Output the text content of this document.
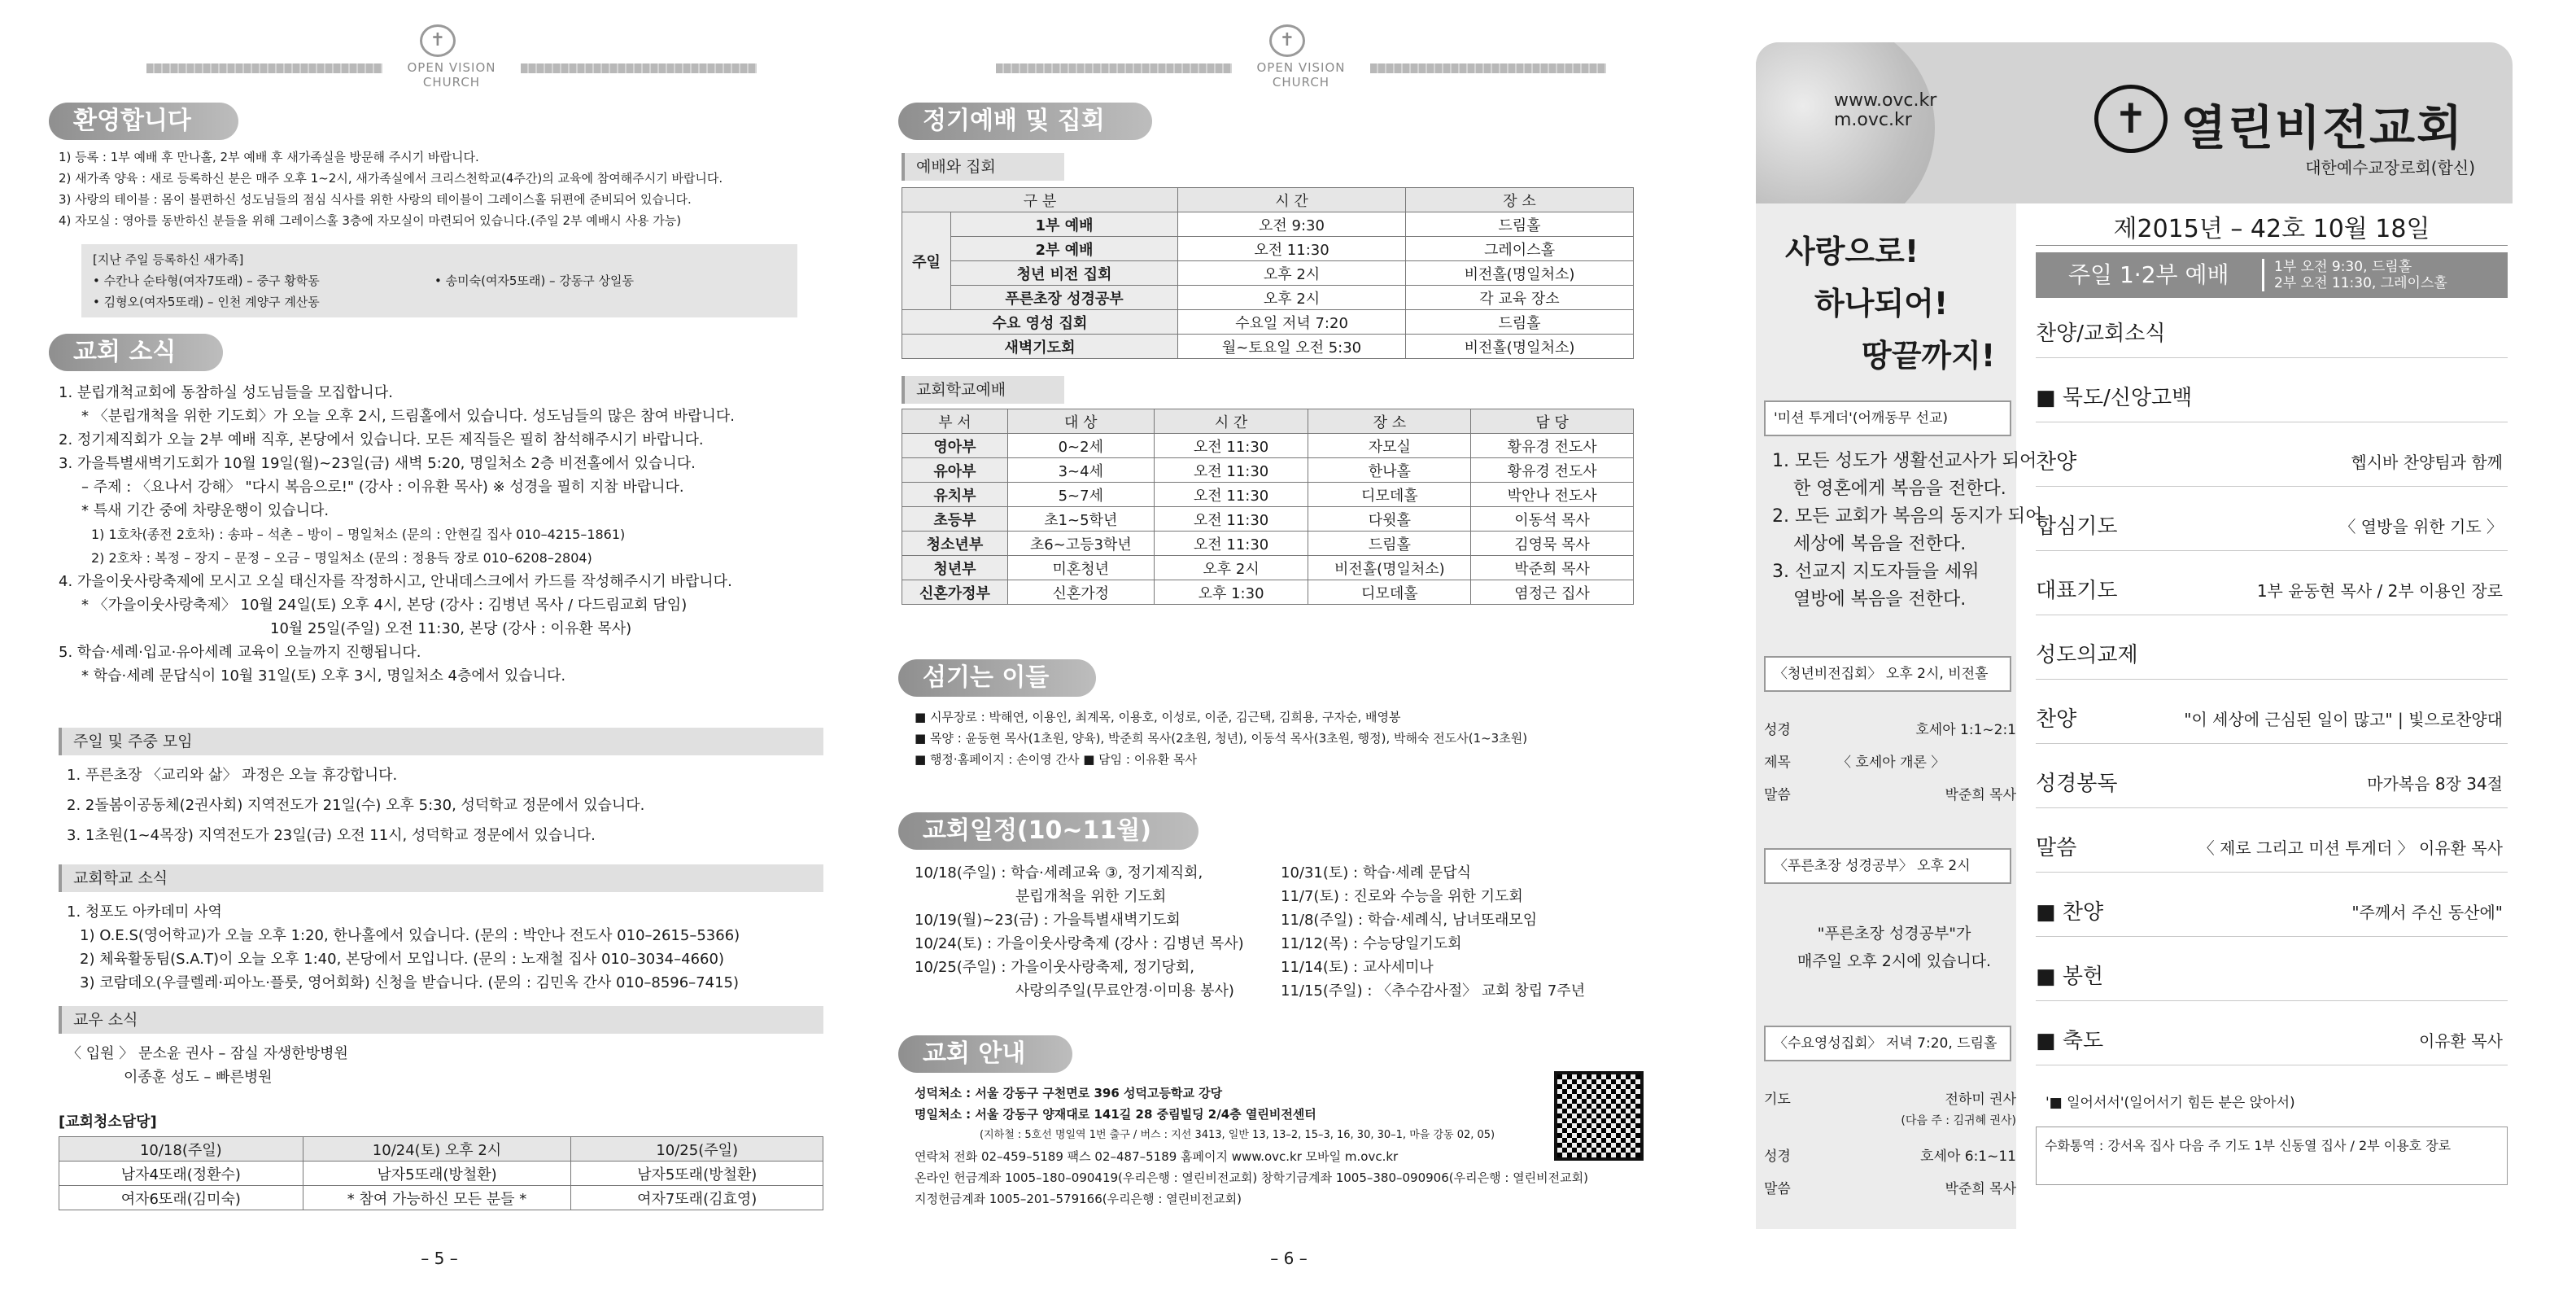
✝
OPEN VISION CHURCH
환영합니다
1) 등록 : 1부 예배 후 만나홀, 2부 예배 후 새가족실을 방문해 주시기 바랍니다.
2) 새가족 양육 : 새로 등록하신 분은 매주 오후 1~2시, 새가족실에서 크리스천학교(4주간)의 교육에 참여해주시기 바랍니다.
3) 사랑의 테이블 : 몸이 불편하신 성도님들의 점심 식사를 위한 사랑의 테이블이 그레이스홀 뒤편에 준비되어 있습니다.
4) 자모실 : 영아를 동반하신 분들을 위해 그레이스홀 3층에 자모실이 마련되어 있습니다.(주일 2부 예배시 사용 가능)
[지난 주일 등록하신 새가족]
• 수칸나 순타형(여자7또래) – 중구 황학동	• 송미숙(여자5또래) – 강동구 상일동
• 김형오(여자5또래) – 인천 계양구 계산동
교회 소식
1. 분립개척교회에 동참하실 성도님들을 모집합니다.
* 〈분립개척을 위한 기도회〉가 오늘 오후 2시, 드림홀에서 있습니다. 성도님들의 많은 참여 바랍니다.
2. 정기제직회가 오늘 2부 예배 직후, 본당에서 있습니다. 모든 제직들은 필히 참석해주시기 바랍니다.
3. 가을특별새벽기도회가 10월 19일(월)~23일(금) 새벽 5:20, 명일처소 2층 비전홀에서 있습니다.
– 주제 : 〈요나서 강해〉 "다시 복음으로!" (강사 : 이유환 목사) ※ 성경을 필히 지참 바랍니다.
* 특새 기간 중에 차량운행이 있습니다.
1) 1호차(종전 2호차) : 송파 – 석촌 – 방이 – 명일처소 (문의 : 안현길 집사 010–4215–1861)
2) 2호차 : 복정 – 장지 – 문정 – 오금 – 명일처소 (문의 : 정용득 장로 010–6208–2804)
4. 가을이웃사랑축제에 모시고 오실 태신자를 작정하시고, 안내데스크에서 카드를 작성해주시기 바랍니다.
* 〈가을이웃사랑축제〉 10월 24일(토) 오후 4시, 본당 (강사 : 김병년 목사 / 다드림교회 담임)
10월 25일(주일) 오전 11:30, 본당 (강사 : 이유환 목사)
5. 학습·세례·입교·유아세례 교육이 오늘까지 진행됩니다.
* 학습·세례 문답식이 10월 31일(토) 오후 3시, 명일처소 4층에서 있습니다.
주일 및 주중 모임
1. 푸른초장 〈교리와 삶〉 과정은 오늘 휴강합니다.
2. 2돌봄이공동체(2권사회) 지역전도가 21일(수) 오후 5:30, 성덕학교 정문에서 있습니다.
3. 1초원(1~4목장) 지역전도가 23일(금) 오전 11시, 성덕학교 정문에서 있습니다.
교회학교 소식
1. 청포도 아카데미 사역
1) O.E.S(영어학교)가 오늘 오후 1:20, 한나홀에서 있습니다. (문의 : 박안나 전도사 010–2615–5366)
2) 체육활동팀(S.A.T)이 오늘 오후 1:40, 본당에서 모입니다. (문의 : 노재철 집사 010–3034–4660)
3) 코람데오(우클렐레·피아노·플룻, 영어회화) 신청을 받습니다. (문의 : 김민옥 간사 010–8596–7415)
교우 소식
〈 입원 〉 문소윤 권사 – 잠실 자생한방병원
이종훈 성도 – 빠른병원
[교회청소담당]
10/18(주일)	10/24(토) 오후 2시	10/25(주일)
남자4또래(정환수)	남자5또래(방철환)	남자5또래(방철환)
여자6또래(김미숙)	* 참여 가능하신 모든 분들 *	여자7또래(김효영)
– 5 –
✝
OPEN VISION CHURCH
정기예배 및 집회
예배와 집회
구 분		시 간	장 소
주일	1부 예배	오전 9:30	드림홀
	2부 예배	오전 11:30	그레이스홀
	청년 비전 집회	오후 2시	비전홀(명일처소)
	푸른초장 성경공부	오후 2시	각 교육 장소
수요 영성 집회		수요일 저녁 7:20	드림홀
새벽기도회		월~토요일 오전 5:30	비전홀(명일처소)
교회학교예배
부 서	대 상	시 간	장 소	담 당
영아부	0~2세	오전 11:30	자모실	황유경 전도사
유아부	3~4세	오전 11:30	한나홀	황유경 전도사
유치부	5~7세	오전 11:30	디모데홀	박안나 전도사
초등부	초1~5학년	오전 11:30	다윗홀	이동석 목사
청소년부	초6~고등3학년	오전 11:30	드림홀	김영묵 목사
청년부	미혼청년	오후 2시	비전홀(명일처소)	박준희 목사
신혼가정부	신혼가정	오후 1:30	디모데홀	염정근 집사
섬기는 이들
■ 시무장로 : 박해연, 이용인, 최계목, 이용호, 이성로, 이준, 김근택, 김희용, 구자순, 배영봉
■ 목양 : 윤동현 목사(1초원, 양육), 박준희 목사(2초원, 청년), 이동석 목사(3초원, 행정), 박해숙 전도사(1~3초원)
■ 행정·홈페이지 : 손이영 간사 ■ 담임 : 이유환 목사
교회일정(10~11월)
10/18(주일) : 학습·세례교육 ③, 정기제직회,
분립개척을 위한 기도회
10/19(월)~23(금) : 가을특별새벽기도회
10/24(토) : 가을이웃사랑축제 (강사 : 김병년 목사)
10/25(주일) : 가을이웃사랑축제, 정기당회,
사랑의주일(무료안경·이미용 봉사)
10/31(토) : 학습·세례 문답식
11/7(토) : 진로와 수능을 위한 기도회
11/8(주일) : 학습·세례식, 남녀또래모임
11/12(목) : 수능당일기도회
11/14(토) : 교사세미나
11/15(주일) : 〈추수감사절〉 교회 창립 7주년
교회 안내
성덕처소 : 서울 강동구 구천면로 396 성덕고등학교 강당
명일처소 : 서울 강동구 양재대로 141길 28 중림빌딩 2/4층 열린비전센터
(지하철 : 5호선 명일역 1번 출구 / 버스 : 지선 3413, 일반 13, 13–2, 15–3, 16, 30, 30–1, 마을 강동 02, 05)
연락처 전화 02–459–5189 팩스 02–487–5189 홈페이지 www.ovc.kr 모바일 m.ovc.kr
온라인 헌금계좌 1005–180–090419(우리은행 : 열린비전교회) 창학기금계좌 1005–380–090906(우리은행 : 열린비전교회)
지정헌금계좌 1005–201–579166(우리은행 : 열린비전교회)
– 6 –
www.ovc.kr
m.ovc.kr	✝ 열린비전교회
대한예수교장로회(합신)
사랑으로!
하나되어!
땅끝까지!
'미션 투게더'(어깨동무 선교)
1. 모든 성도가 생활선교사가 되어
한 영혼에게 복음을 전한다.
2. 모든 교회가 복음의 동지가 되어
세상에 복음을 전한다.
3. 선교지 지도자들을 세워
열방에 복음을 전한다.
〈청년비전집회〉 오후 2시, 비전홀
성경	호세아 1:1~2:1
제목	〈 호세아 개론 〉
말씀	박준희 목사
〈푸른초장 성경공부〉 오후 2시
"푸른초장 성경공부"가
매주일 오후 2시에 있습니다.
〈수요영성집회〉 저녁 7:20, 드림홀
기도	전하미 권사
(다음 주 : 김귀혜 권사)
성경	호세아 6:1~11
말씀	박준희 목사
제2015년 – 42호 10월 18일
주일 1·2부 예배	1부 오전 9:30, 드림홀
2부 오전 11:30, 그레이스홀
찬양/교회소식
■ 묵도/신앙고백
찬양	헵시바 찬양팀과 함께
합심기도	〈 열방을 위한 기도 〉
대표기도	1부 윤동현 목사 / 2부 이용인 장로
성도의교제
찬양	"이 세상에 근심된 일이 많고" | 빛으로찬양대
성경봉독	마가복음 8장 34절
말씀	〈 제로 그리고 미션 투게더 〉 이유환 목사
■ 찬양	"주께서 주신 동산에"
■ 봉헌
■ 축도	이유환 목사
'■ 일어서서'(일어서기 힘든 분은 앉아서)
수화통역 : 강서옥 집사 다음 주 기도 1부 신동열 집사 / 2부 이용호 장로
